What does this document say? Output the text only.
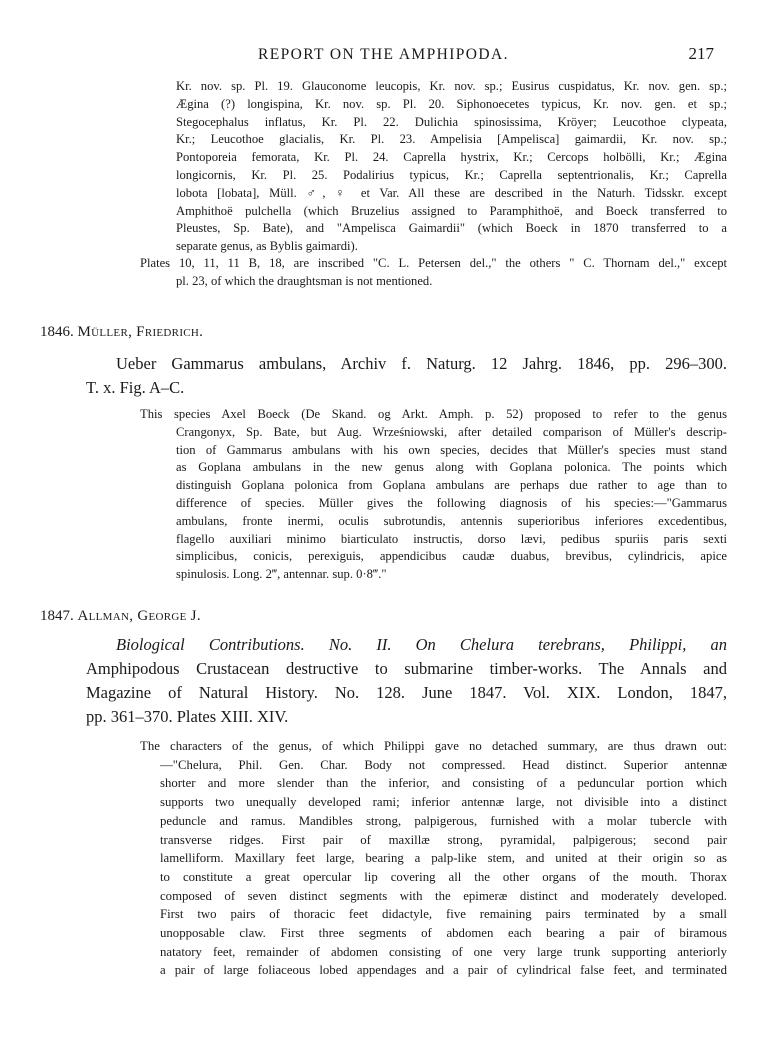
REPORT ON THE AMPHIPODA.	217
Kr. nov. sp. Pl. 19. Glauconome leucopis, Kr. nov. sp.; Eusirus cuspidatus, Kr. nov. gen. sp.;
Ægina (?) longispina, Kr. nov. sp. Pl. 20. Siphonoecetes typicus, Kr. nov. gen. et sp.;
Stegocephalus inflatus, Kr. Pl. 22. Dulichia spinosissima, Kröyer; Leucothoe clypeata,
Kr.; Leucothoe glacialis, Kr. Pl. 23. Ampelisia [Ampelisca] gaimardii, Kr. nov. sp.;
Pontoporeia femorata, Kr. Pl. 24. Caprella hystrix, Kr.; Cercops holbölli, Kr.; Ægina
longicornis, Kr. Pl. 25. Podalirius typicus, Kr.; Caprella septentrionalis, Kr.; Caprella
lobota [lobata], Müll. ♂, ♀ et Var. All these are described in the Naturh. Tidsskr. except
Amphithoë pulchella (which Bruzelius assigned to Paramphithoë, and Boeck transferred to
Pleustes, Sp. Bate), and "Ampelisca Gaimardii" (which Boeck in 1870 transferred to a
separate genus, as Byblis gaimardi).
Plates 10, 11, 11 B, 18, are inscribed "C. L. Petersen del.," the others " C. Thornam del.," except
pl. 23, of which the draughtsman is not mentioned.
1846. Müller, Friedrich.
Ueber Gammarus ambulans, Archiv f. Naturg. 12 Jahrg. 1846, pp. 296–300.
T. x. Fig. A–C.
This species Axel Boeck (De Skand. og Arkt. Amph. p. 52) proposed to refer to the genus
Crangonyx, Sp. Bate, but Aug. Wrześniowski, after detailed comparison of Müller's descrip-
tion of Gammarus ambulans with his own species, decides that Müller's species must stand
as Goplana ambulans in the new genus along with Goplana polonica. The points which
distinguish Goplana polonica from Goplana ambulans are perhaps due rather to age than to
difference of species. Müller gives the following diagnosis of his species:—"Gammarus
ambulans, fronte inermi, oculis subrotundis, antennis superioribus inferiores excedentibus,
flagello auxiliari minimo biarticulato instructis, dorso lævi, pedibus spuriis paris sexti
simplicibus, conicis, perexiguis, appendicibus caudæ duabus, brevibus, cylindricis, apice
spinulosis. Long. 2‴, antennar. sup. 0·8‴."
1847. Allman, George J.
Biological Contributions. No. II. On Chelura terebrans, Philippi, an
Amphipodous Crustacean destructive to submarine timber-works. The Annals and
Magazine of Natural History. No. 128. June 1847. Vol. XIX. London, 1847,
pp. 361–370. Plates XIII. XIV.
The characters of the genus, of which Philippi gave no detached summary, are thus drawn out:
—"Chelura, Phil. Gen. Char. Body not compressed. Head distinct. Superior antennæ
shorter and more slender than the inferior, and consisting of a peduncular portion which
supports two unequally developed rami; inferior antennæ large, not divisible into a distinct
peduncle and ramus. Mandibles strong, palpigerous, furnished with a molar tubercle with
transverse ridges. First pair of maxillæ strong, pyramidal, palpigerous; second pair
lamelliform. Maxillary feet large, bearing a palp-like stem, and united at their origin so as
to constitute a great opercular lip covering all the other organs of the mouth. Thorax
composed of seven distinct segments with the epimeræ distinct and moderately developed.
First two pairs of thoracic feet didactyle, five remaining pairs terminated by a small
unopposable claw. First three segments of abdomen each bearing a pair of biramous
natatory feet, remainder of abdomen consisting of one very large trunk supporting anteriorly
a pair of large foliaceous lobed appendages and a pair of cylindrical false feet, and terminated
